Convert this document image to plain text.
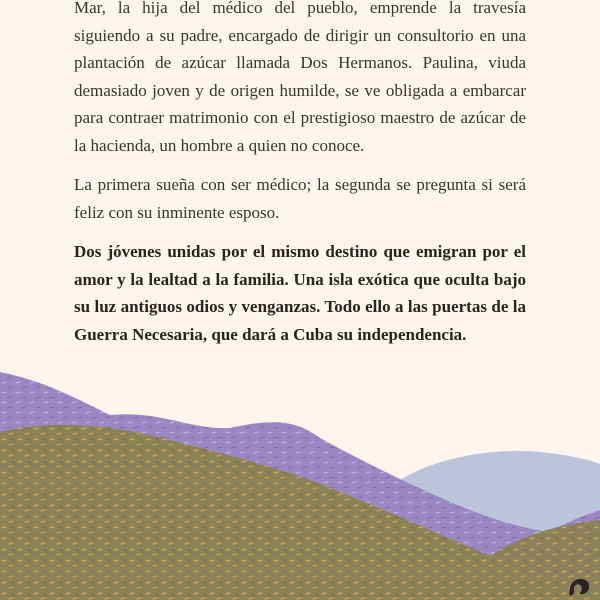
Mar, la hija del médico del pueblo, emprende la travesía siguiendo a su padre, encargado de dirigir un consultorio en una plantación de azúcar llamada Dos Hermanos. Paulina, viuda demasiado joven y de origen humilde, se ve obligada a embarcar para contraer matrimonio con el prestigioso maestro de azúcar de la hacienda, un hombre a quien no conoce.

La primera sueña con ser médico; la segunda se pregunta si será feliz con su inminente esposo.

Dos jóvenes unidas por el mismo destino que emigran por el amor y la lealtad a la familia. Una isla exótica que oculta bajo su luz antiguos odios y venganzas. Todo ello a las puertas de la Guerra Necesaria, que dará a Cuba su independencia.
